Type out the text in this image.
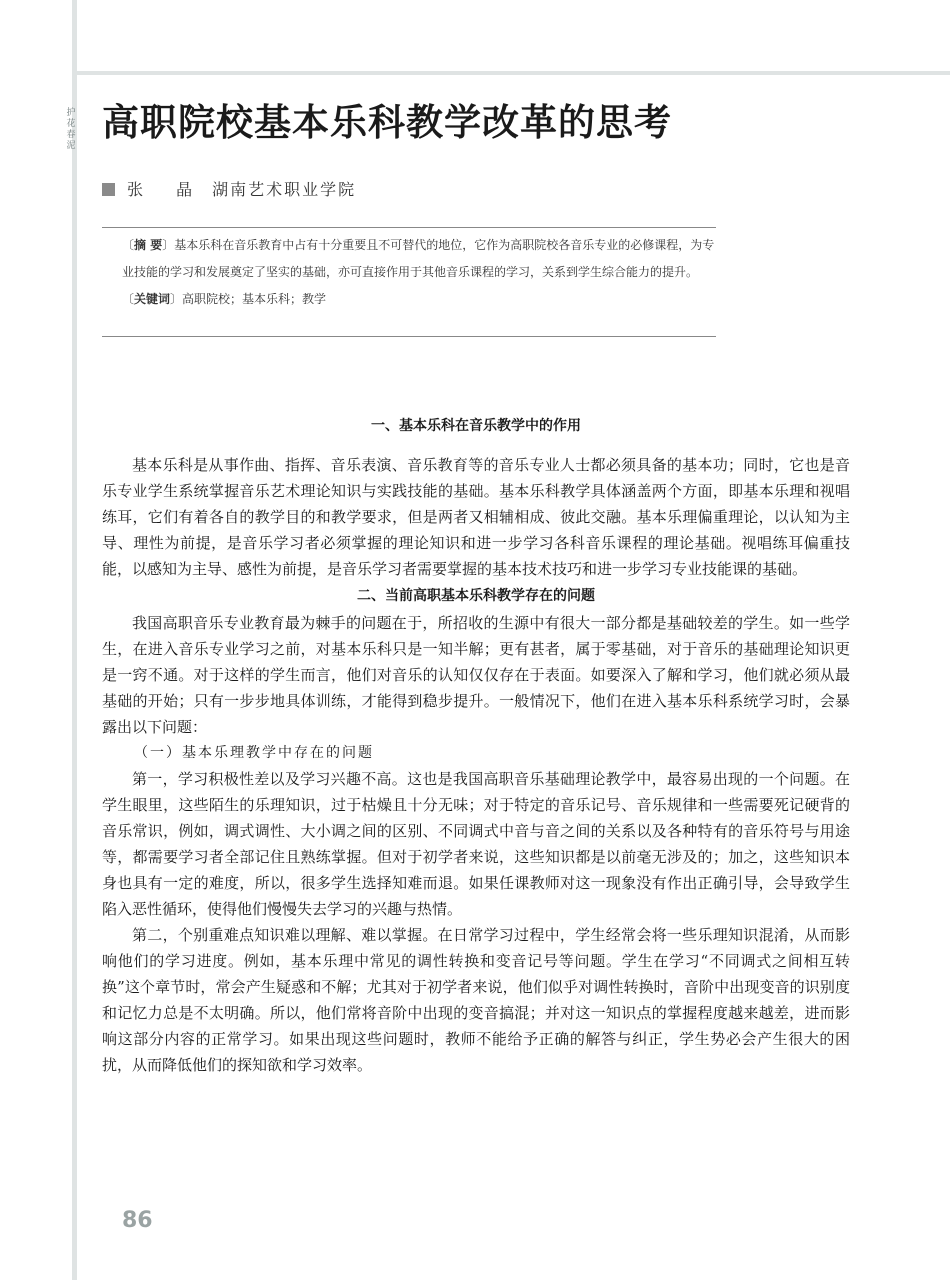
护花春泥
高职院校基本乐科教学改革的思考
张 晶 湖南艺术职业学院

〔摘 要〕基本乐科在音乐教育中占有十分重要且不可替代的地位，它作为高职院校各音乐专业的必修课程，为专业技能的学习和发展奠定了坚实的基础，亦可直接作用于其他音乐课程的学习，关系到学生综合能力的提升。

〔关键词〕高职院校；基本乐科；教学

一、基本乐科在音乐教学中的作用

基本乐科是从事作曲、指挥、音乐表演、音乐教育等的音乐专业人士都必须具备的基本功；同时，它也是音乐专业学生系统掌握音乐艺术理论知识与实践技能的基础。基本乐科教学具体涵盖两个方面，即基本乐理和视唱练耳，它们有着各自的教学目的和教学要求，但是两者又相辅相成、彼此交融。基本乐理偏重理论，以认知为主导、理性为前提，是音乐学习者必须掌握的理论知识和进一步学习各科音乐课程的理论基础。视唱练耳偏重技能，以感知为主导、感性为前提，是音乐学习者需要掌握的基本技术技巧和进一步学习专业技能课的基础。

二、当前高职基本乐科教学存在的问题

我国高职音乐专业教育最为棘手的问题在于，所招收的生源中有很大一部分都是基础较差的学生。如一些学生，在进入音乐专业学习之前，对基本乐科只是一知半解；更有甚者，属于零基础，对于音乐的基础理论知识更是一窍不通。对于这样的学生而言，他们对音乐的认知仅仅存在于表面。如要深入了解和学习，他们就必须从最基础的开始；只有一步步地具体训练，才能得到稳步提升。一般情况下，他们在进入基本乐科系统学习时，会暴露出以下问题：

（一）基本乐理教学中存在的问题

第一，学习积极性差以及学习兴趣不高。这也是我国高职音乐基础理论教学中，最容易出现的一个问题。在学生眼里，这些陌生的乐理知识，过于枯燥且十分无味；对于特定的音乐记号、音乐规律和一些需要死记硬背的音乐常识，例如，调式调性、大小调之间的区别、不同调式中音与音之间的关系以及各种特有的音乐符号与用途等，都需要学习者全部记住且熟练掌握。但对于初学者来说，这些知识都是以前毫无涉及的；加之，这些知识本身也具有一定的难度，所以，很多学生选择知难而退。如果任课教师对这一现象没有作出正确引导，会导致学生陷入恶性循环，使得他们慢慢失去学习的兴趣与热情。

第二，个别重难点知识难以理解、难以掌握。在日常学习过程中，学生经常会将一些乐理知识混淆，从而影响他们的学习进度。例如，基本乐理中常见的调性转换和变音记号等问题。学生在学习“不同调式之间相互转换”这个章节时，常会产生疑惑和不解；尤其对于初学者来说，他们似乎对调性转换时，音阶中出现变音的识别度和记忆力总是不太明确。所以，他们常将音阶中出现的变音搞混；并对这一知识点的掌握程度越来越差，进而影响这部分内容的正常学习。如果出现这些问题时，教师不能给予正确的解答与纠正，学生势必会产生很大的困扰，从而降低他们的探知欲和学习效率。

86
